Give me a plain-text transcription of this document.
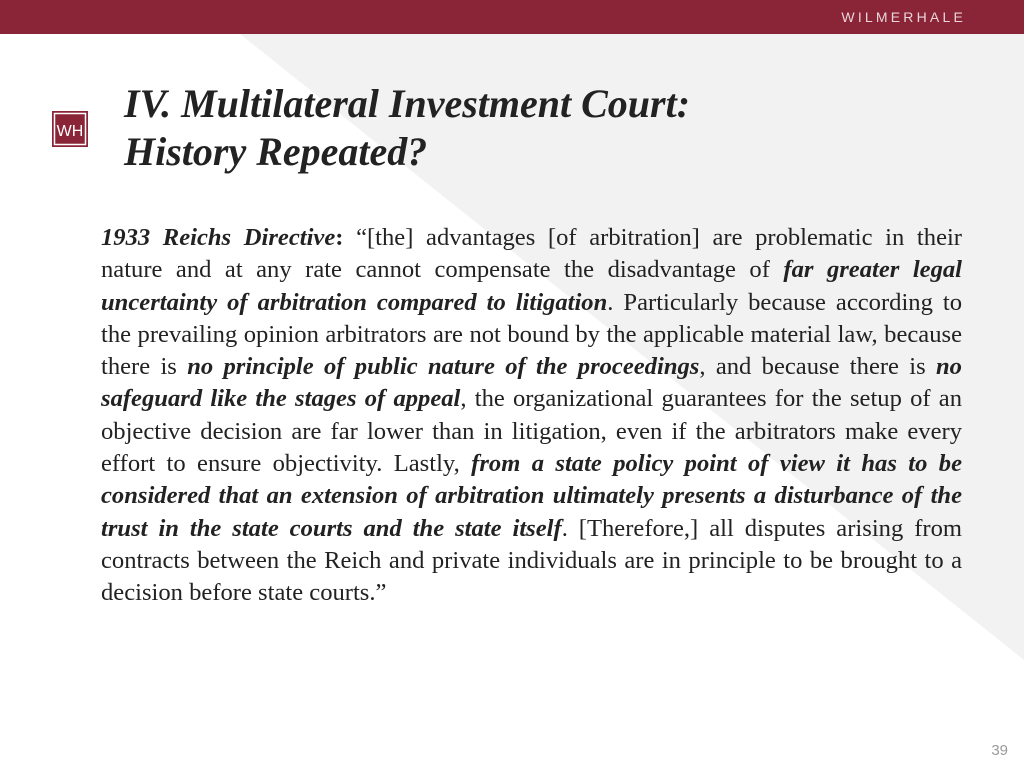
WILMERHALE
WH
IV. Multilateral Investment Court:
History Repeated?

1933 Reichs Directive: “[the] advantages [of arbitration] are problematic in their nature and at any rate cannot compensate the disadvantage of far greater legal uncertainty of arbitration compared to litigation. Particularly because according to the prevailing opinion arbitrators are not bound by the applicable material law, because there is no principle of public nature of the proceedings, and because there is no safeguard like the stages of appeal, the organizational guarantees for the setup of an objective decision are far lower than in litigation, even if the arbitrators make every effort to ensure objectivity. Lastly, from a state policy point of view it has to be considered that an extension of arbitration ultimately presents a disturbance of the trust in the state courts and the state itself. [Therefore,] all disputes arising from contracts between the Reich and private individuals are in principle to be brought to a decision before state courts.”

39
